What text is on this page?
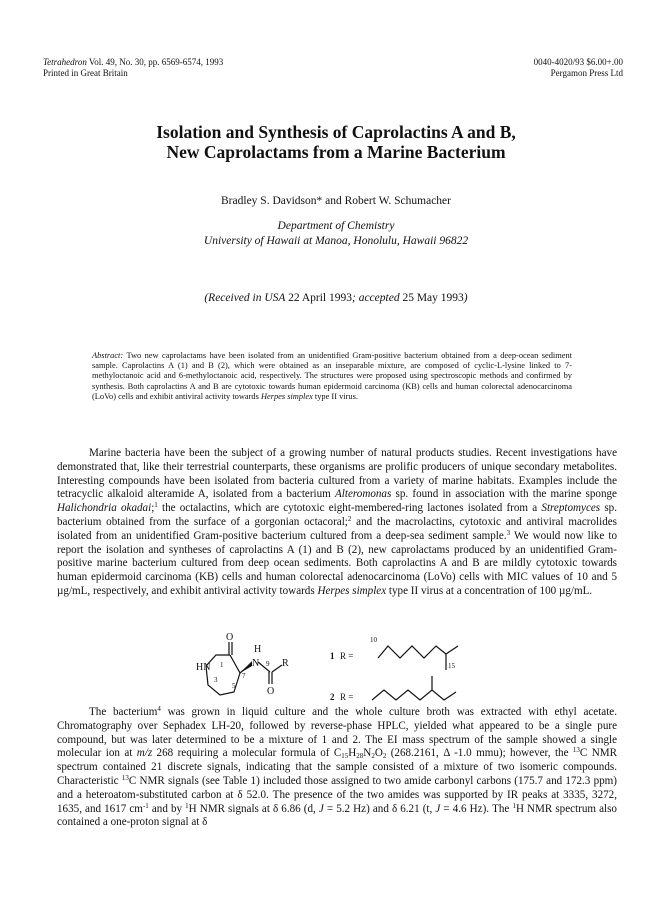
Tetrahedron Vol. 49, No. 30, pp. 6569-6574, 1993
Printed in Great Britain
0040-4020/93 $6.00+.00
Pergamon Press Ltd
Isolation and Synthesis of Caprolactins A and B,
New Caprolactams from a Marine Bacterium
Bradley S. Davidson* and Robert W. Schumacher
Department of Chemistry
University of Hawaii at Manoa, Honolulu, Hawaii 96822
(Received in USA 22 April 1993; accepted 25 May 1993)
Abstract: Two new caprolactams have been isolated from an unidentified Gram-positive bacterium obtained from a deep-ocean sediment sample. Caprolactins A (1) and B (2), which were obtained as an inseparable mixture, are composed of cyclic-L-lysine linked to 7-methyloctanoic acid and 6-methyloctanoic acid, respectively. The structures were proposed using spectroscopic methods and confirmed by synthesis. Both caprolactins A and B are cytotoxic towards human epidermoid carcinoma (KB) cells and human colorectal adenocarcinoma (LoVo) cells and exhibit antiviral activity towards Herpes simplex type II virus.
Marine bacteria have been the subject of a growing number of natural products studies. Recent investigations have demonstrated that, like their terrestrial counterparts, these organisms are prolific producers of unique secondary metabolites. Interesting compounds have been isolated from bacteria cultured from a variety of marine habitats. Examples include the tetracyclic alkaloid alteramide A, isolated from a bacterium Alteromonas sp. found in association with the marine sponge Halichondria okadai;$^1$ the octalactins, which are cytotoxic eight-membered-ring lactones isolated from a Streptomyces sp. bacterium obtained from the surface of a gorgonian octacoral;$^2$ and the macrolactins, cytotoxic and antiviral macrolides isolated from an unidentified Gram-positive bacterium cultured from a deep-sea sediment sample.$^3$ We would now like to report the isolation and syntheses of caprolactins A (1) and B (2), new caprolactams produced by an unidentified Gram-positive marine bacterium cultured from deep ocean sediments. Both caprolactins A and B are mildly cytotoxic towards human epidermoid carcinoma (KB) cells and human colorectal adenocarcinoma (LoVo) cells with MIC values of 10 and 5 µg/mL, respectively, and exhibit antiviral activity towards Herpes simplex type II virus at a concentration of 100 µg/mL.
O
H
N
HN	R
O
1
3
5
7
9
10
15
1
2
R =
R =
The bacterium$^4$ was grown in liquid culture and the whole culture broth was extracted with ethyl acetate. Chromatography over Sephadex LH-20, followed by reverse-phase HPLC, yielded what appeared to be a single pure compound, but was later determined to be a mixture of 1 and 2. The EI mass spectrum of the sample showed a single molecular ion at m/z 268 requiring a molecular formula of $C_{15}H_{28}N_2O_2$ (268.2161, Δ -1.0 mmu); however, the $^{13}$C NMR spectrum contained 21 discrete signals, indicating that the sample consisted of a mixture of two isomeric compounds. Characteristic $^{13}$C NMR signals (see Table 1) included those assigned to two amide carbonyl carbons (175.7 and 172.3 ppm) and a heteroatom-substituted carbon at δ 52.0. The presence of the two amides was supported by IR peaks at 3335, 3272, 1635, and 1617 $cm^{-1}$ and by $^1$H NMR signals at δ 6.86 (d, J = 5.2 Hz) and δ 6.21 (t, J = 4.6 Hz). The $^1$H NMR spectrum also contained a one-proton signal at δ
